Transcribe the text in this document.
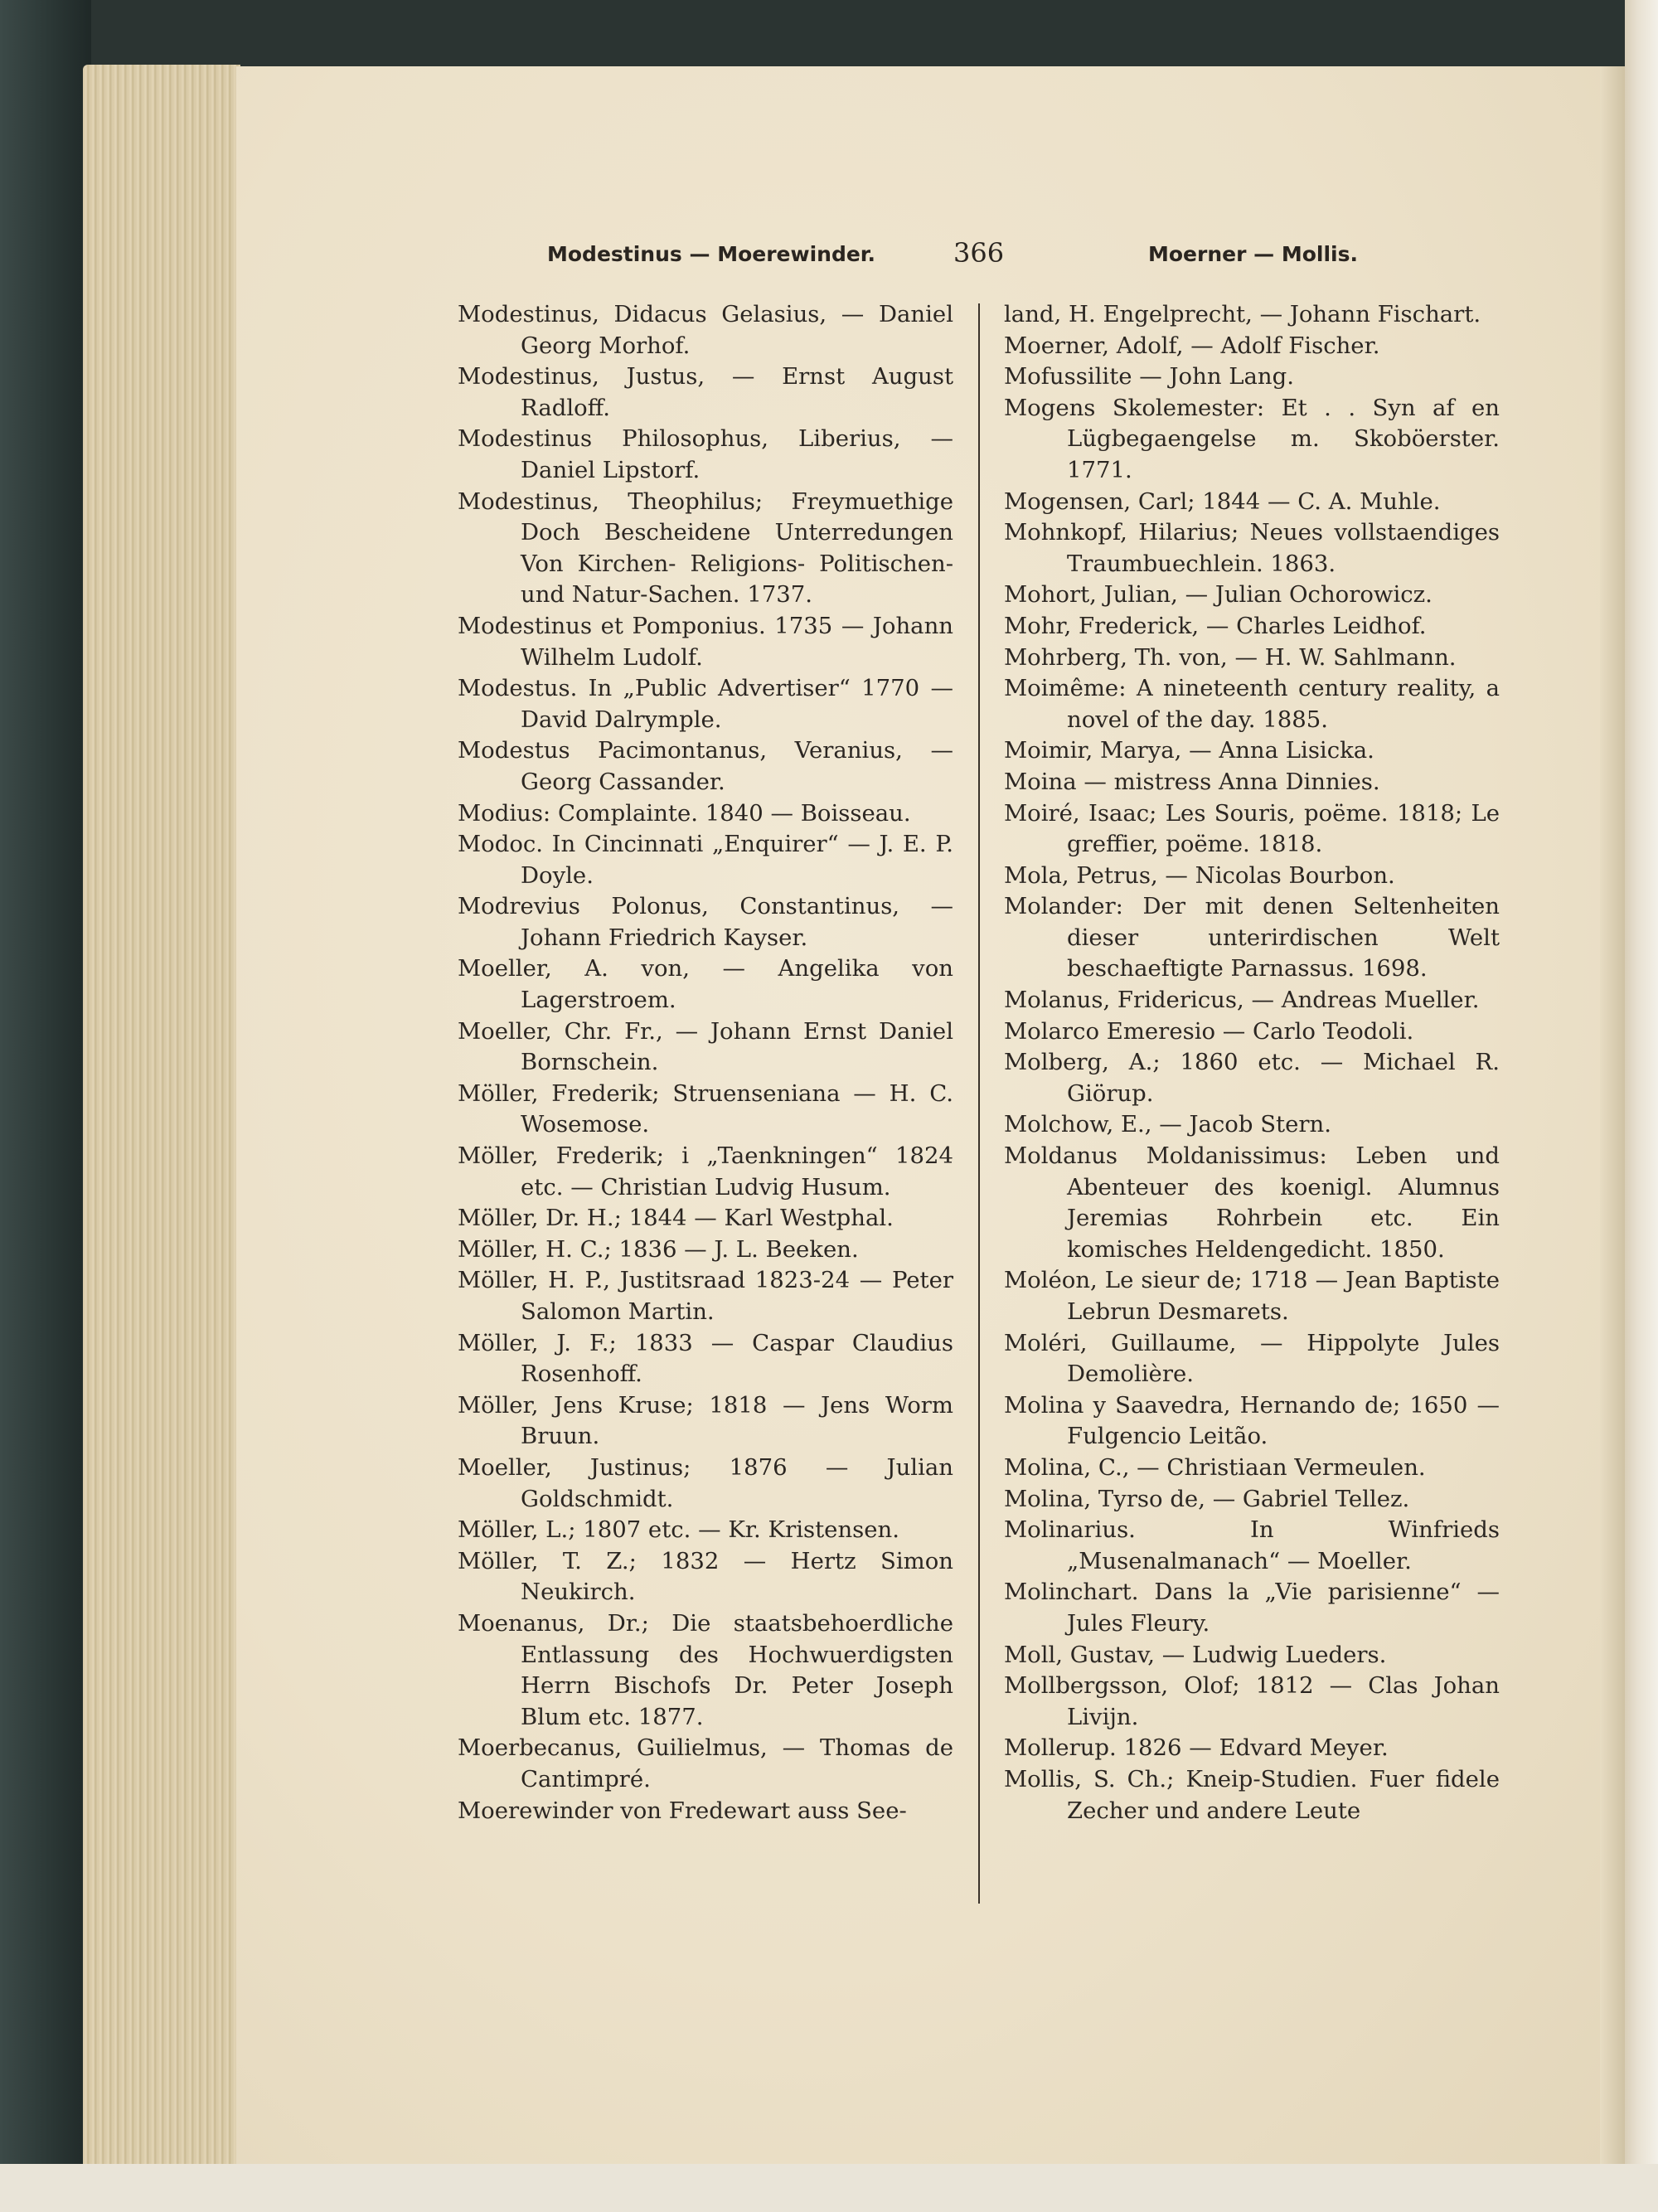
Modestinus — Moerewinder.	366	Moerner — Mollis.

Modestinus, Didacus Gelasius, — Daniel Georg Morhof.

Modestinus, Justus, — Ernst August Radloff.

Modestinus Philosophus, Liberius, — Daniel Lipstorf.

Modestinus, Theophilus; Freymuethige Doch Bescheidene Unterredungen Von Kirchen- Religions- Politischen- und Natur-Sachen. 1737.

Modestinus et Pomponius. 1735 — Johann Wilhelm Ludolf.

Modestus. In „Public Advertiser“ 1770 — David Dalrymple.

Modestus Pacimontanus, Veranius, — Georg Cassander.

Modius: Complainte. 1840 — Boisseau.

Modoc. In Cincinnati „Enquirer“ — J. E. P. Doyle.

Modrevius Polonus, Constantinus, — Johann Friedrich Kayser.

Moeller, A. von, — Angelika von Lagerstroem.

Moeller, Chr. Fr., — Johann Ernst Daniel Bornschein.

Möller, Frederik; Struenseniana — H. C. Wosemose.

Möller, Frederik; i „Taenkningen“ 1824 etc. — Christian Ludvig Husum.

Möller, Dr. H.; 1844 — Karl Westphal.

Möller, H. C.; 1836 — J. L. Beeken.

Möller, H. P., Justitsraad 1823-24 — Peter Salomon Martin.

Möller, J. F.; 1833 — Caspar Claudius Rosenhoff.

Möller, Jens Kruse; 1818 — Jens Worm Bruun.

Moeller, Justinus; 1876 — Julian Goldschmidt.

Möller, L.; 1807 etc. — Kr. Kristensen.

Möller, T. Z.; 1832 — Hertz Simon Neukirch.

Moenanus, Dr.; Die staatsbehoerdliche Entlassung des Hochwuerdigsten Herrn Bischofs Dr. Peter Joseph Blum etc. 1877.

Moerbecanus, Guilielmus, — Thomas de Cantimpré.

Moerewinder von Fredewart auss See-

land, H. Engelprecht, — Johann Fischart.

Moerner, Adolf, — Adolf Fischer.

Mofussilite — John Lang.

Mogens Skolemester: Et . . Syn af en Lügbegaengelse m. Skoböerster. 1771.

Mogensen, Carl; 1844 — C. A. Muhle.

Mohnkopf, Hilarius; Neues vollstaendiges Traumbuechlein. 1863.

Mohort, Julian, — Julian Ochorowicz.

Mohr, Frederick, — Charles Leidhof.

Mohrberg, Th. von, — H. W. Sahlmann.

Moimême: A nineteenth century reality, a novel of the day. 1885.

Moimir, Marya, — Anna Lisicka.

Moina — mistress Anna Dinnies.

Moiré, Isaac; Les Souris, poëme. 1818; Le greffier, poëme. 1818.

Mola, Petrus, — Nicolas Bourbon.

Molander: Der mit denen Seltenheiten dieser unterirdischen Welt beschaeftigte Parnassus. 1698.

Molanus, Fridericus, — Andreas Mueller.

Molarco Emeresio — Carlo Teodoli.

Molberg, A.; 1860 etc. — Michael R. Giörup.

Molchow, E., — Jacob Stern.

Moldanus Moldanissimus: Leben und Abenteuer des koenigl. Alumnus Jeremias Rohrbein etc. Ein komisches Heldengedicht. 1850.

Moléon, Le sieur de; 1718 — Jean Baptiste Lebrun Desmarets.

Moléri, Guillaume, — Hippolyte Jules Demolière.

Molina y Saavedra, Hernando de; 1650 — Fulgencio Leitão.

Molina, C., — Christiaan Vermeulen.

Molina, Tyrso de, — Gabriel Tellez.

Molinarius. In Winfrieds „Musenalmanach“ — Moeller.

Molinchart. Dans la „Vie parisienne“ — Jules Fleury.

Moll, Gustav, — Ludwig Lueders.

Mollbergsson, Olof; 1812 — Clas Johan Livijn.

Mollerup. 1826 — Edvard Meyer.

Mollis, S. Ch.; Kneip-Studien. Fuer fidele Zecher und andere Leute
